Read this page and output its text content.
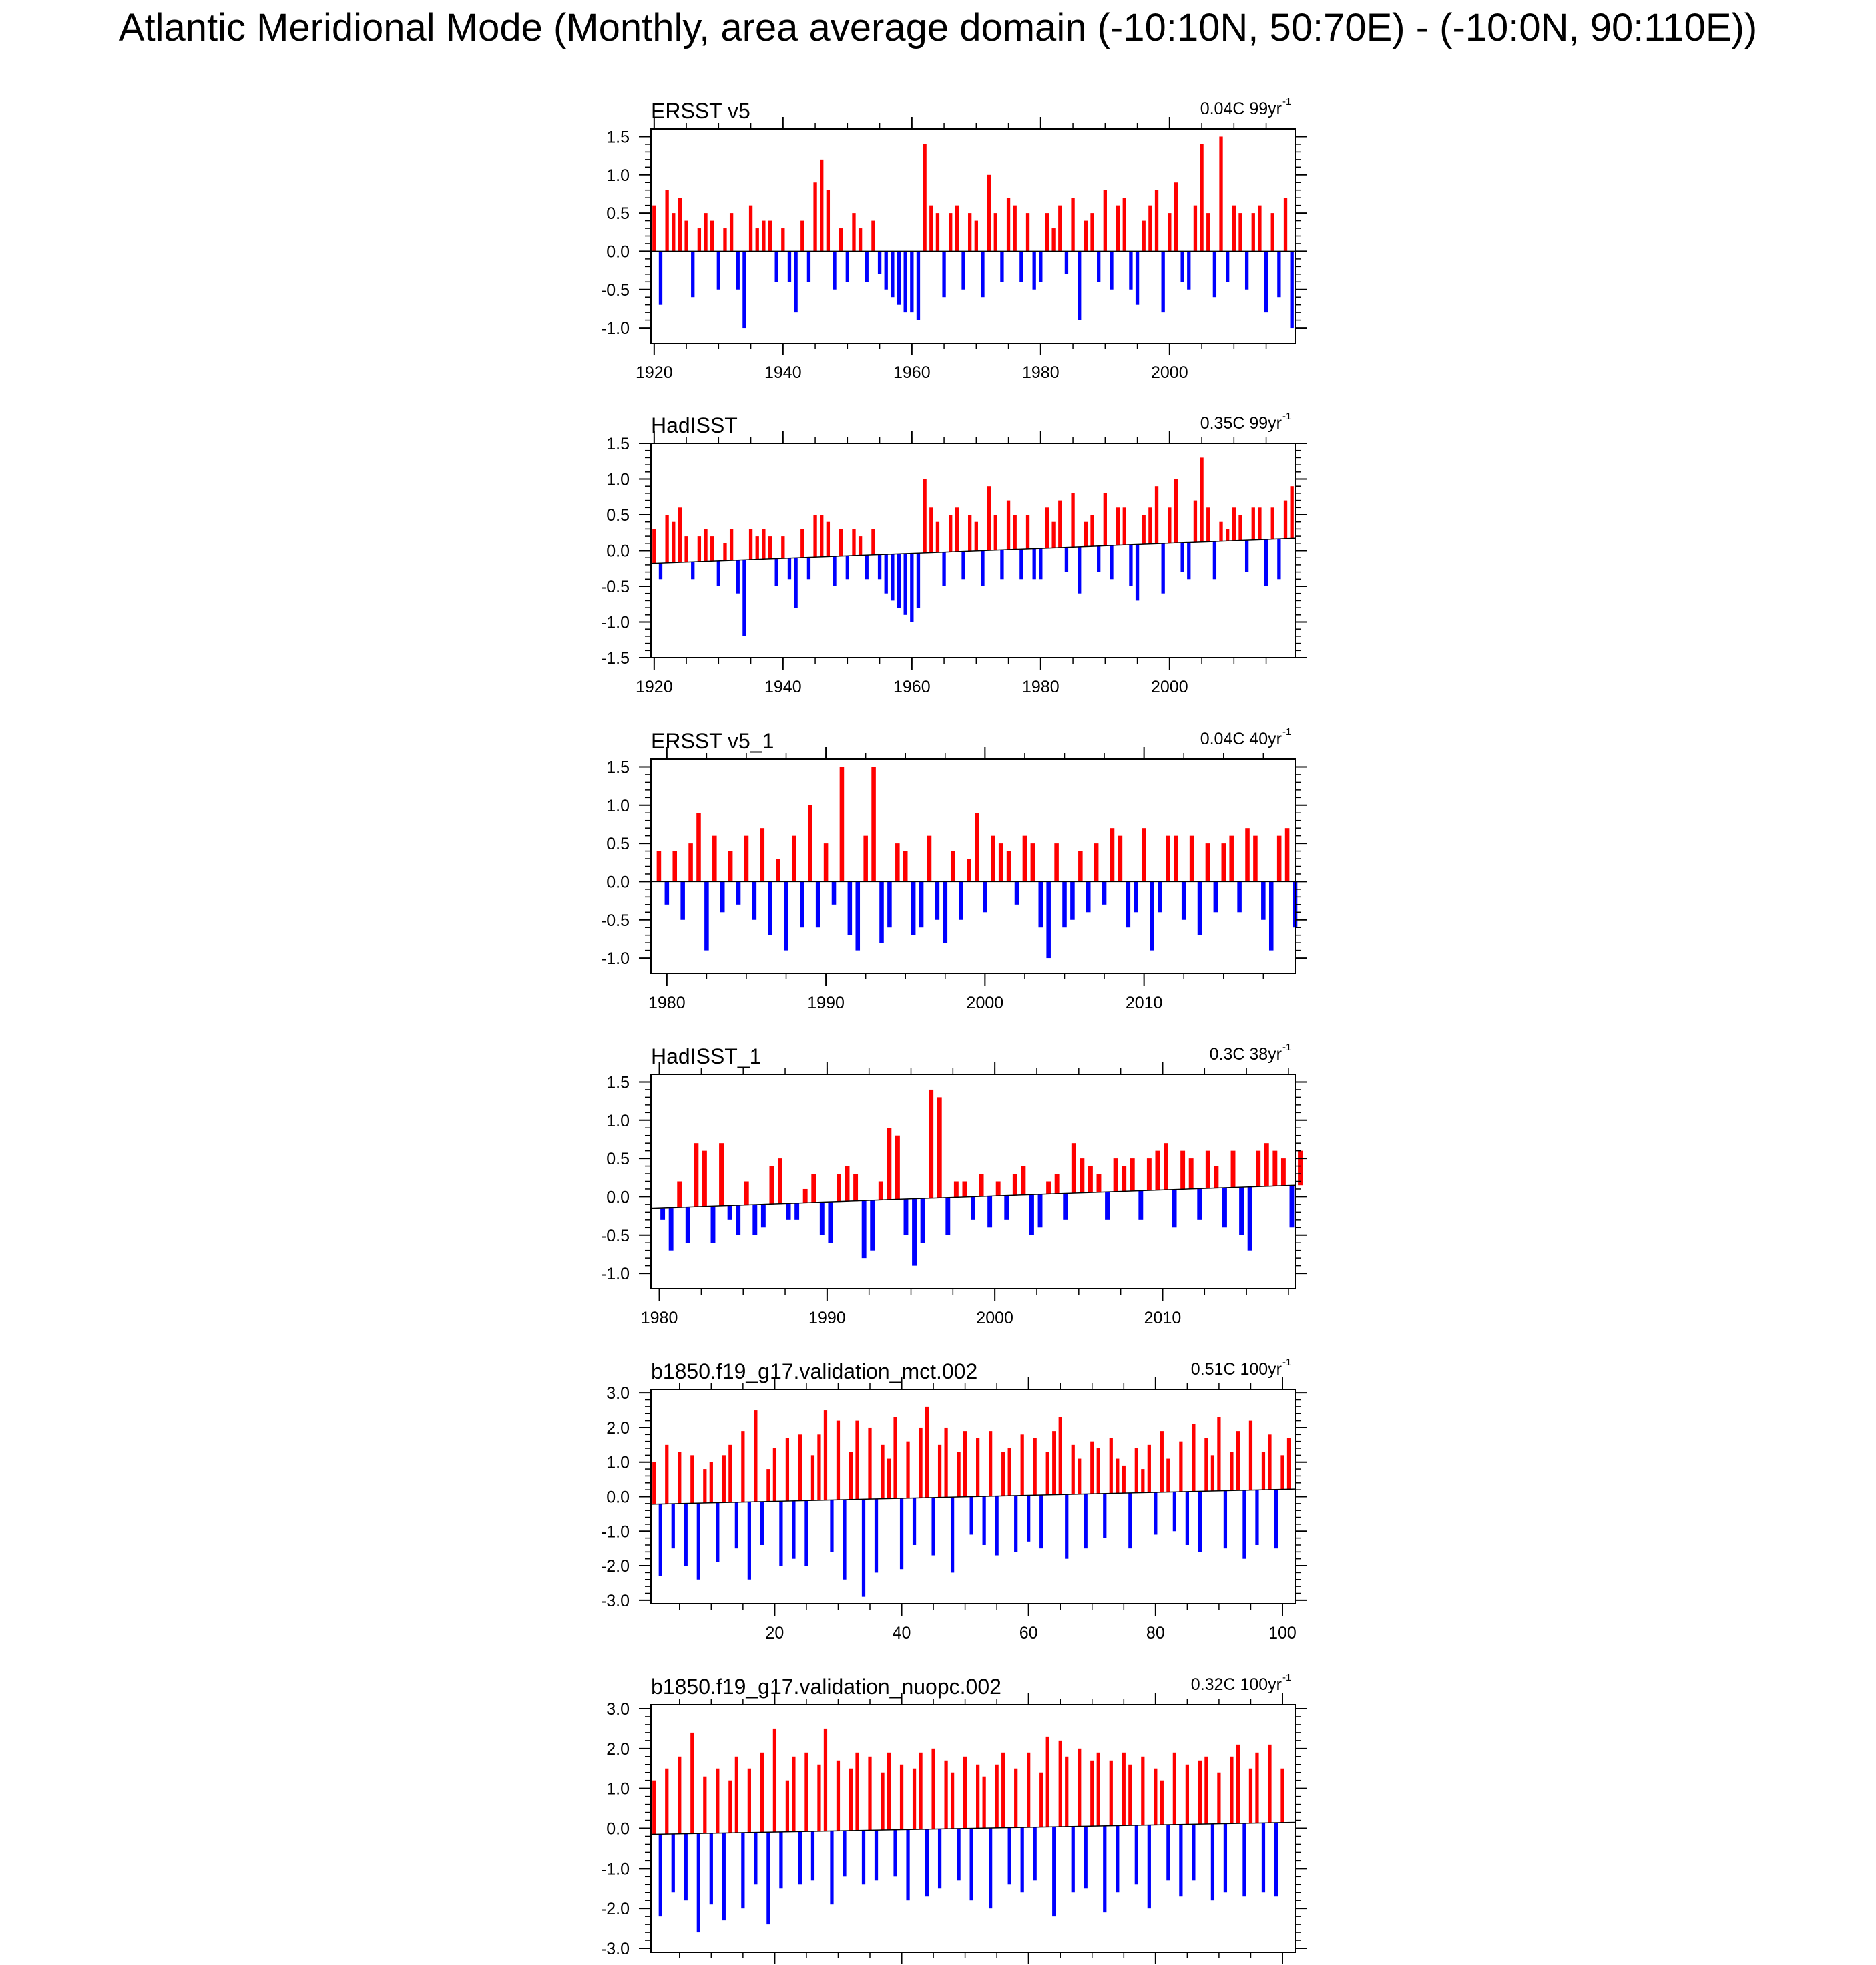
Atlantic Meridional Mode (Monthly, area average domain (-10:10N, 50:70E) - (-10:0N, 90:110E))
ERSST v5	0.04C 99yr -1
-1.0
-0.5
0.0
0.5
1.0
1.5
1920	1940	1960	1980	2000
HadISST	0.35C 99yr -1
-1.5
-1.0
-0.5
0.0
0.5
1.0
1.5
1920	1940	1960	1980	2000
ERSST v5_1	0.04C 40yr -1
-1.0
-0.5
0.0
0.5
1.0
1.5
1980	1990	2000	2010
HadISST_1	0.3C 38yr -1
-1.0
-0.5
0.0
0.5
1.0
1.5
1980	1990	2000	2010
b1850.f19_g17.validation_mct.002	0.51C 100yr -1
-3.0
-2.0
-1.0
0.0
1.0
2.0
3.0
20	40	60	80	100
b1850.f19_g17.validation_nuopc.002	0.32C 100yr -1
-3.0
-2.0
-1.0
0.0
1.0
2.0
3.0
